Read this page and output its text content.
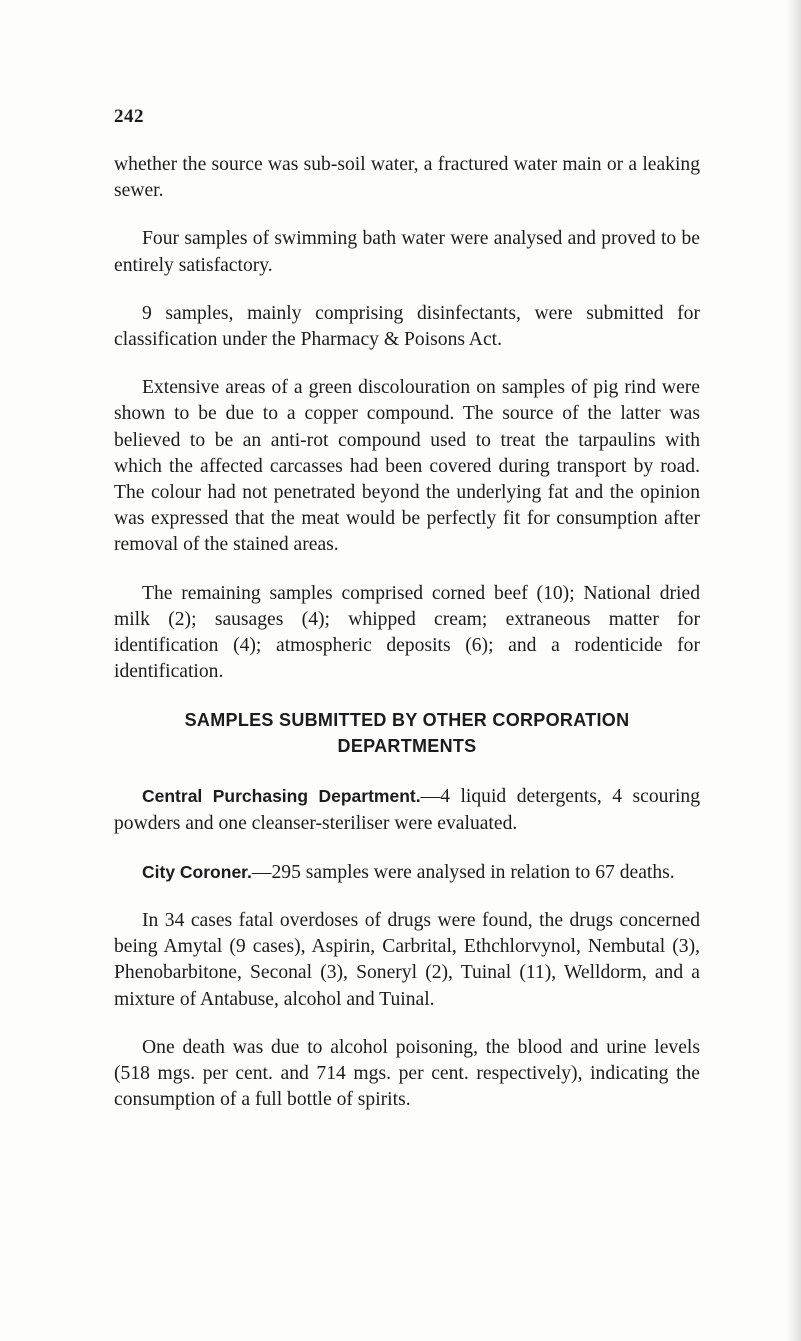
242

whether the source was sub-soil water, a fractured water main or a leaking sewer.

Four samples of swimming bath water were analysed and proved to be entirely satisfactory.

9 samples, mainly comprising disinfectants, were submitted for classification under the Pharmacy & Poisons Act.

Extensive areas of a green discolouration on samples of pig rind were shown to be due to a copper compound. The source of the latter was believed to be an anti-rot compound used to treat the tarpaulins with which the affected carcasses had been covered during transport by road. The colour had not penetrated beyond the underlying fat and the opinion was expressed that the meat would be perfectly fit for consumption after removal of the stained areas.

The remaining samples comprised corned beef (10); National dried milk (2); sausages (4); whipped cream; extraneous matter for identification (4); atmospheric deposits (6); and a rodenticide for identification.

SAMPLES SUBMITTED BY OTHER CORPORATION
DEPARTMENTS

Central Purchasing Department.—4 liquid detergents, 4 scouring powders and one cleanser-steriliser were evaluated.

City Coroner.—295 samples were analysed in relation to 67 deaths.

In 34 cases fatal overdoses of drugs were found, the drugs concerned being Amytal (9 cases), Aspirin, Carbrital, Ethchlorvynol, Nembutal (3), Phenobarbitone, Seconal (3), Soneryl (2), Tuinal (11), Welldorm, and a mixture of Antabuse, alcohol and Tuinal.

One death was due to alcohol poisoning, the blood and urine levels (518 mgs. per cent. and 714 mgs. per cent. respectively), indicating the consumption of a full bottle of spirits.
